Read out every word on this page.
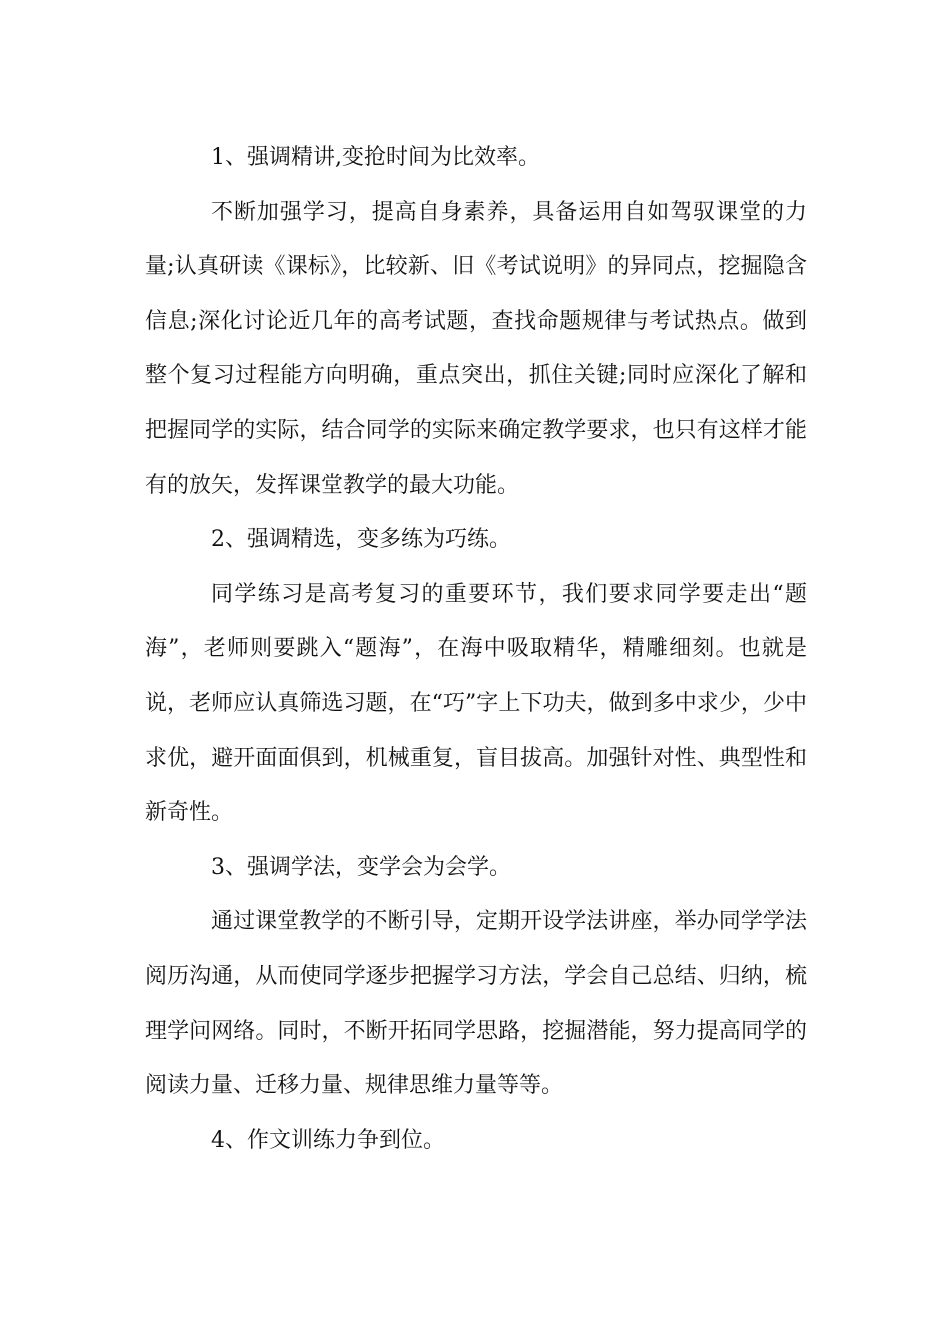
1、强调精讲,变抢时间为比效率。

不断加强学习，提高自身素养，具备运用自如驾驭课堂的力量;认真研读《课标》，比较新、旧《考试说明》的异同点，挖掘隐含信息;深化讨论近几年的高考试题，查找命题规律与考试热点。做到整个复习过程能方向明确，重点突出，抓住关键;同时应深化了解和把握同学的实际，结合同学的实际来确定教学要求，也只有这样才能有的放矢，发挥课堂教学的最大功能。

2、强调精选，变多练为巧练。

同学练习是高考复习的重要环节，我们要求同学要走出“题海”，老师则要跳入“题海”，在海中吸取精华，精雕细刻。也就是说，老师应认真筛选习题，在“巧”字上下功夫，做到多中求少，少中求优，避开面面俱到，机械重复，盲目拔高。加强针对性、典型性和新奇性。

3、强调学法，变学会为会学。

通过课堂教学的不断引导，定期开设学法讲座，举办同学学法阅历沟通，从而使同学逐步把握学习方法，学会自己总结、归纳，梳理学问网络。同时，不断开拓同学思路，挖掘潜能，努力提高同学的阅读力量、迁移力量、规律思维力量等等。

4、作文训练力争到位。
